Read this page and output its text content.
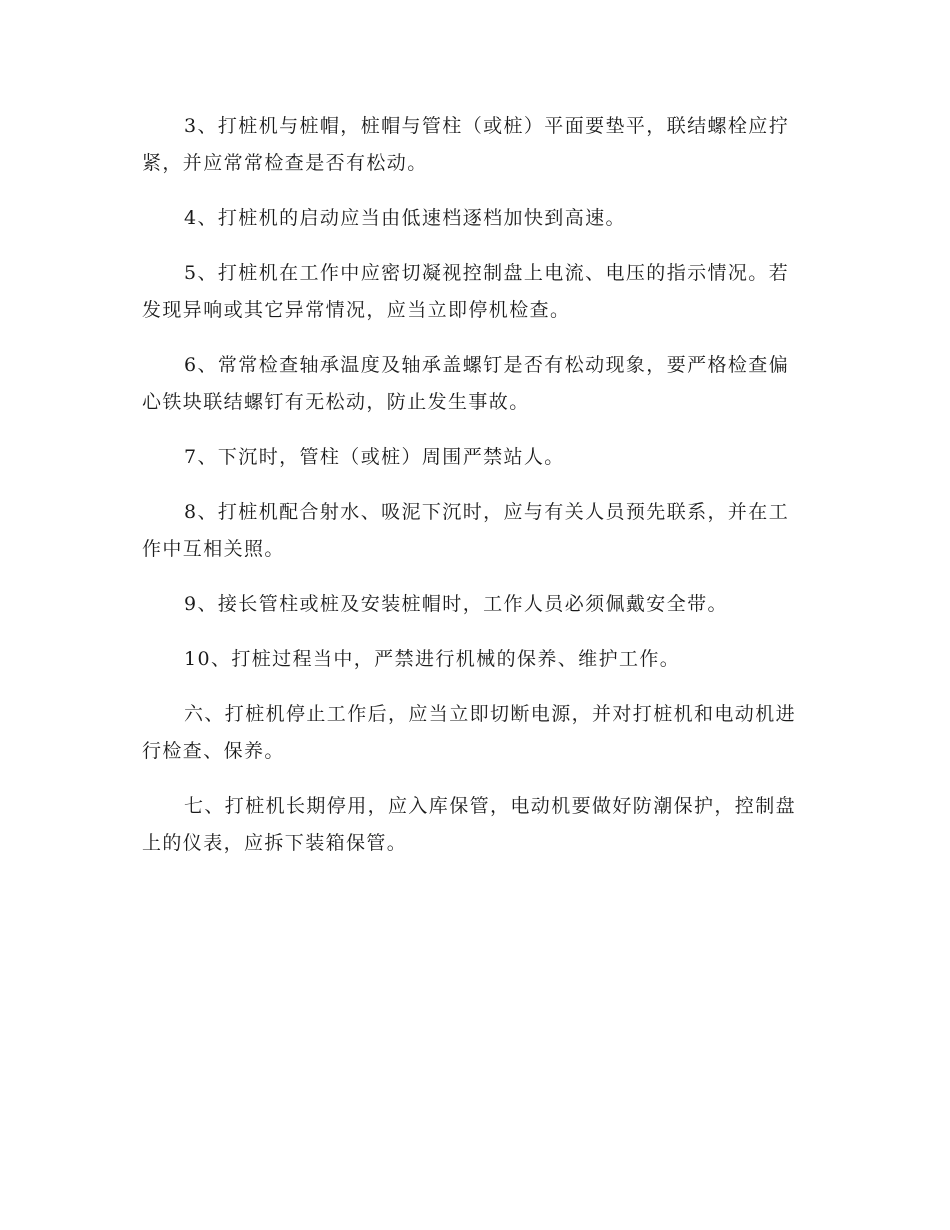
3、打桩机与桩帽，桩帽与管柱（或桩）平面要垫平，联结螺栓应拧紧，并应常常检查是否有松动。

4、打桩机的启动应当由低速档逐档加快到高速。

5、打桩机在工作中应密切凝视控制盘上电流、电压的指示情况。若发现异响或其它异常情况，应当立即停机检查。

6、常常检查轴承温度及轴承盖螺钉是否有松动现象，要严格检查偏心铁块联结螺钉有无松动，防止发生事故。

7、下沉时，管柱（或桩）周围严禁站人。

8、打桩机配合射水、吸泥下沉时，应与有关人员预先联系，并在工作中互相关照。

9、接长管柱或桩及安装桩帽时，工作人员必须佩戴安全带。

10、打桩过程当中，严禁进行机械的保养、维护工作。

六、打桩机停止工作后，应当立即切断电源，并对打桩机和电动机进行检查、保养。

七、打桩机长期停用，应入库保管，电动机要做好防潮保护，控制盘上的仪表，应拆下装箱保管。
